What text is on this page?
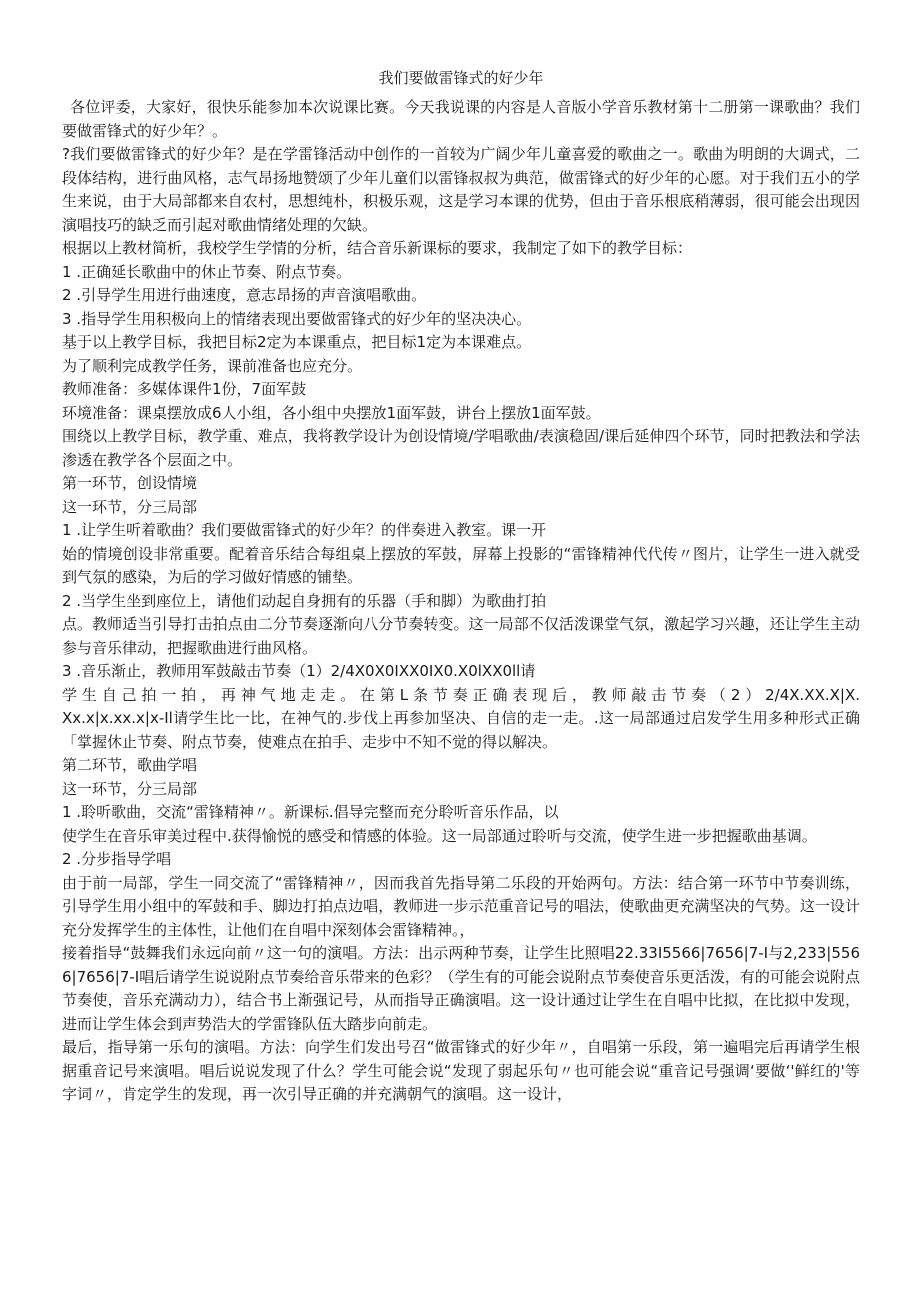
我们要做雷锋式的好少年

各位评委，大家好，很快乐能参加本次说课比赛。今天我说课的内容是人音版小学音乐教材第十二册第一课歌曲？我们要做雷锋式的好少年？。

?我们要做雷锋式的好少年？是在学雷锋活动中创作的一首较为广阔少年儿童喜爱的歌曲之一。歌曲为明朗的大调式，二段体结构，进行曲风格，志气昂扬地赞颂了少年儿童们以雷锋叔叔为典范，做雷锋式的好少年的心愿。对于我们五小的学生来说，由于大局部都来自农村，思想纯朴，积极乐观，这是学习本课的优势，但由于音乐根底稍薄弱，很可能会出现因演唱技巧的缺乏而引起对歌曲情绪处理的欠缺。

根据以上教材简析，我校学生学情的分析，结合音乐新课标的要求，我制定了如下的教学目标：

1 .正确延长歌曲中的休止节奏、附点节奏。

2 .引导学生用进行曲速度，意志昂扬的声音演唱歌曲。

3 .指导学生用积极向上的情绪表现出要做雷锋式的好少年的坚决决心。

基于以上教学目标，我把目标2定为本课重点，把目标1定为本课难点。

为了顺利完成教学任务，课前准备也应充分。

教师准备：多媒体课件1份，7面军鼓

环境准备：课桌摆放成6人小组，各小组中央摆放1面军鼓，讲台上摆放1面军鼓。

围绕以上教学目标，教学重、难点，我将教学设计为创设情境/学唱歌曲/表演稳固/课后延伸四个环节，同时把教法和学法渗透在教学各个层面之中。

第一环节，创设情境

这一环节，分三局部

1 .让学生听着歌曲？我们要做雷锋式的好少年？的伴奏进入教室。课一开

始的情境创设非常重要。配着音乐结合每组桌上摆放的军鼓，屏幕上投影的“雷锋精神代代传〃图片，让学生一进入就受到气氛的感染，为后的学习做好情感的铺垫。

2 .当学生坐到座位上，请他们动起自身拥有的乐器（手和脚）为歌曲打拍

点。教师适当引导打击拍点由二分节奏逐渐向八分节奏转变。这一局部不仅活泼课堂气氛，激起学习兴趣，还让学生主动参与音乐律动，把握歌曲进行曲风格。

3 .音乐渐止，教师用军鼓敲击节奏（1）2/4X0X0IXX0IX0.X0lXX0ll请

学 生 自 己 拍 一 拍 ， 再 神 气 地 走 走 。 在 第 L 条 节 奏 正 确 表 现 后 ， 教 师 敲 击 节 奏 （ 2 ） 2/4X.XX.X|X.Xx.x|x.xx.x|x-Il请学生比一比，在神气的.步伐上再参加坚决、自信的走一走。.这一局部通过启发学生用多种形式正确「掌握休止节奏、附点节奏，使难点在拍手、走步中不知不觉的得以解决。

第二环节，歌曲学唱

这一环节，分三局部

1 .聆听歌曲，交流“雷锋精神〃。新课标.倡导完整而充分聆听音乐作品，以

使学生在音乐审美过程中.获得愉悦的感受和情感的体验。这一局部通过聆听与交流，使学生进一步把握歌曲基调。

2 .分步指导学唱

由于前一局部，学生一同交流了“雷锋精神〃，因而我首先指导第二乐段的开始两句。方法：结合第一环节中节奏训练，引导学生用小组中的军鼓和手、脚边打拍点边唱，教师进一步示范重音记号的唱法，使歌曲更充满坚决的气势。这一设计充分发挥学生的主体性，让他们在自唱中深刻体会雷锋精神。，

接着指导“鼓舞我们永远向前〃这一句的演唱。方法：出示两种节奏，让学生比照唱22.33I5566|7656|7-I与2,233|5566|7656|7-I唱后请学生说说附点节奏给音乐带来的色彩？（学生有的可能会说附点节奏使音乐更活泼，有的可能会说附点节奏使，音乐充满动力），结合书上渐强记号，从而指导正确演唱。这一设计通过让学生在自唱中比拟，在比拟中发现，进而让学生体会到声势浩大的学雷锋队伍大踏步向前走。

最后，指导第一乐句的演唱。方法：向学生们发出号召“做雷锋式的好少年〃，自唱第一乐段，第一遍唱完后再请学生根据重音记号来演唱。唱后说说发现了什么？学生可能会说“发现了弱起乐句〃也可能会说“重音记号强调‘要做‘'鲜红的'等字词〃，肯定学生的发现，再一次引导正确的并充满朝气的演唱。这一设计，
